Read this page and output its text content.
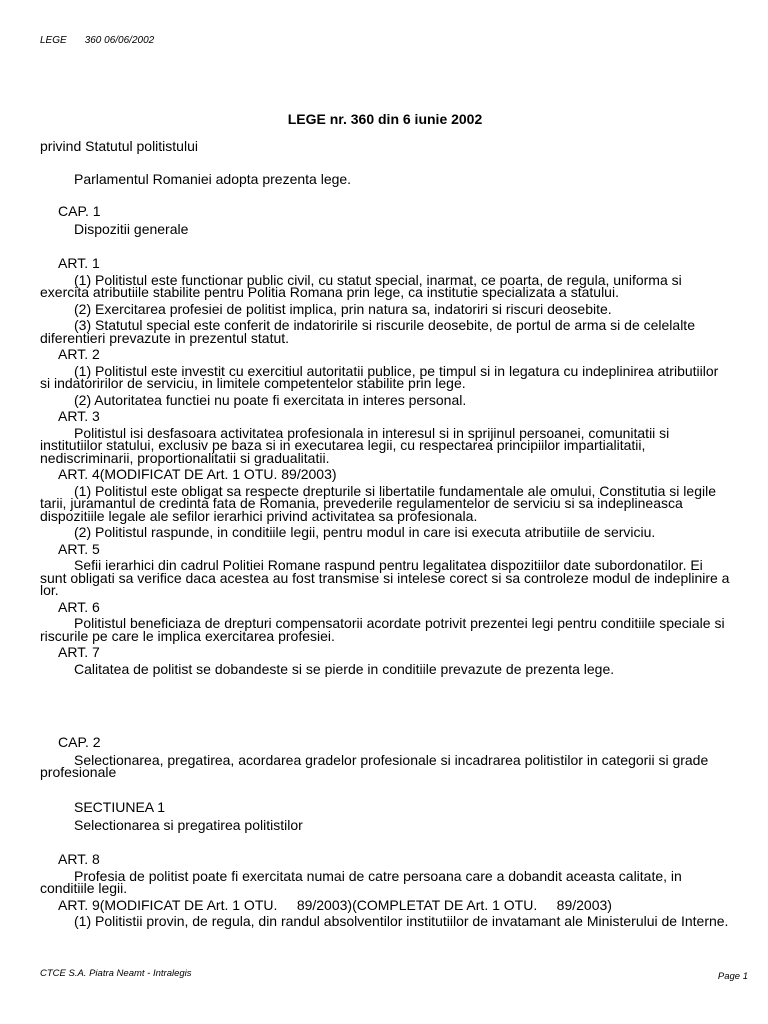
LEGE 360 06/06/2002
LEGE nr. 360 din 6 iunie 2002
privind Statutul politistului
Parlamentul Romaniei adopta prezenta lege.
CAP. 1
Dispozitii generale
ART. 1
(1) Politistul este functionar public civil, cu statut special, inarmat, ce poarta, de regula, uniforma si exercita atributiile stabilite pentru Politia Romana prin lege, ca institutie specializata a statului.
(2) Exercitarea profesiei de politist implica, prin natura sa, indatoriri si riscuri deosebite.
(3) Statutul special este conferit de indatoririle si riscurile deosebite, de portul de arma si de celelalte diferentieri prevazute in prezentul statut.
ART. 2
(1) Politistul este investit cu exercitiul autoritatii publice, pe timpul si in legatura cu indeplinirea atributiilor si indatoririlor de serviciu, in limitele competentelor stabilite prin lege.
(2) Autoritatea functiei nu poate fi exercitata in interes personal.
ART. 3
Politistul isi desfasoara activitatea profesionala in interesul si in sprijinul persoanei, comunitatii si institutiilor statului, exclusiv pe baza si in executarea legii, cu respectarea principiilor impartialitatii, nediscriminarii, proportionalitatii si gradualitatii.
ART. 4(MODIFICAT DE Art. 1 OTU. 89/2003)
(1) Politistul este obligat sa respecte drepturile si libertatile fundamentale ale omului, Constitutia si legile tarii, juramantul de credinta fata de Romania, prevederile regulamentelor de serviciu si sa indeplineasca dispozitiile legale ale sefilor ierarhici privind activitatea sa profesionala.
(2) Politistul raspunde, in conditiile legii, pentru modul in care isi executa atributiile de serviciu.
ART. 5
Sefii ierarhici din cadrul Politiei Romane raspund pentru legalitatea dispozitiilor date subordonatilor. Ei sunt obligati sa verifice daca acestea au fost transmise si intelese corect si sa controleze modul de indeplinire a lor.
ART. 6
Politistul beneficiaza de drepturi compensatorii acordate potrivit prezentei legi pentru conditiile speciale si riscurile pe care le implica exercitarea profesiei.
ART. 7
Calitatea de politist se dobandeste si se pierde in conditiile prevazute de prezenta lege.
CAP. 2
Selectionarea, pregatirea, acordarea gradelor profesionale si incadrarea politistilor in categorii si grade profesionale
SECTIUNEA 1
Selectionarea si pregatirea politistilor
ART. 8
Profesia de politist poate fi exercitata numai de catre persoana care a dobandit aceasta calitate, in conditiile legii.
ART. 9(MODIFICAT DE Art. 1 OTU.     89/2003)(COMPLETAT DE Art. 1 OTU.     89/2003)
(1) Politistii provin, de regula, din randul absolventilor institutiilor de invatamant ale Ministerului de Interne.
CTCE S.A. Piatra Neamt - Intralegis	Page 1
